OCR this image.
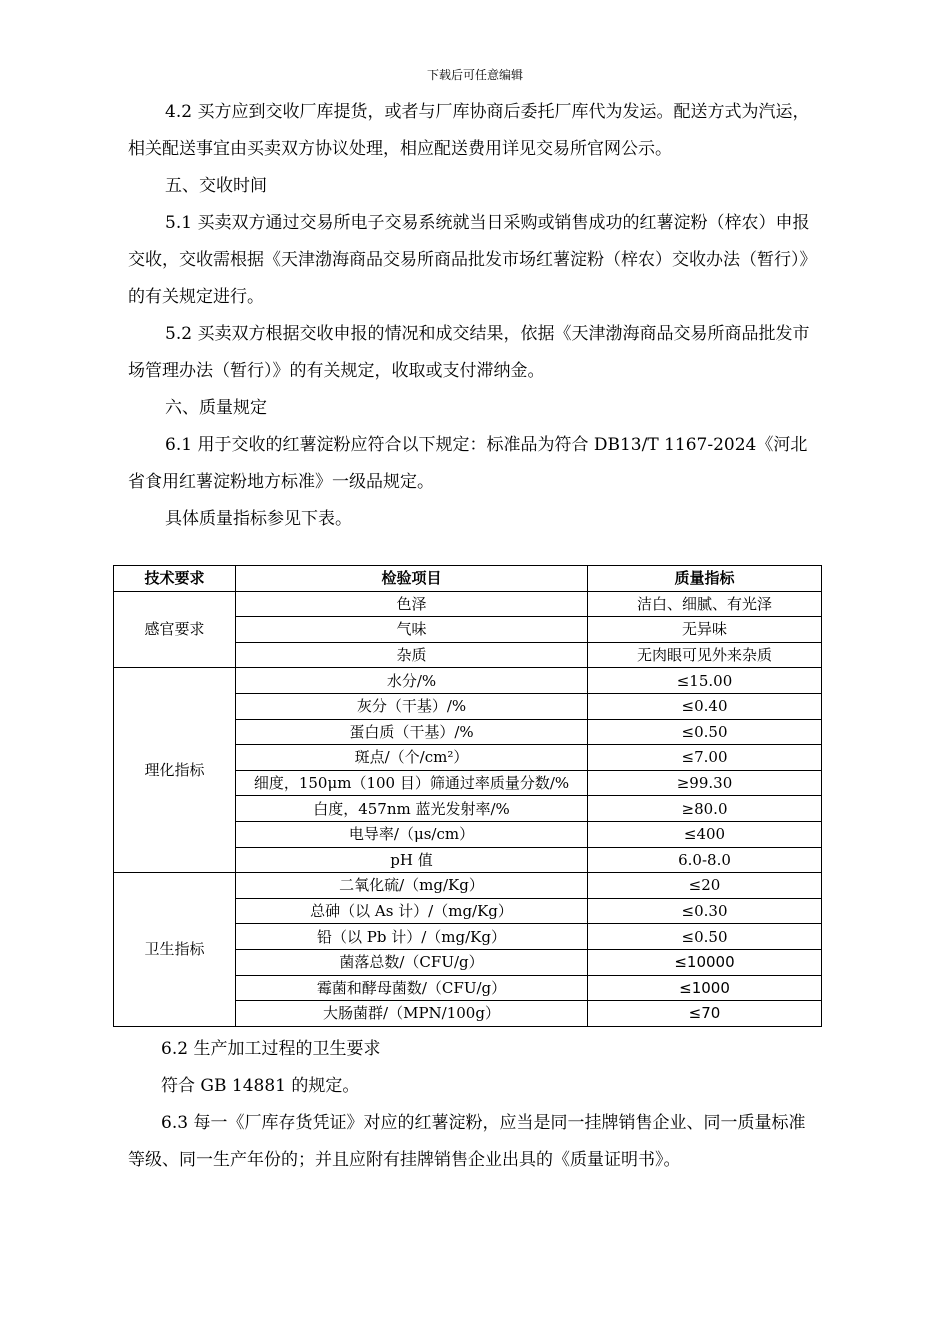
下载后可任意编辑

4.2 买方应到交收厂库提货，或者与厂库协商后委托厂库代为发运。配送方式为汽运，相关配送事宜由买卖双方协议处理，相应配送费用详见交易所官网公示。

五、交收时间

5.1 买卖双方通过交易所电子交易系统就当日采购或销售成功的红薯淀粉（梓农）申报交收，交收需根据《天津渤海商品交易所商品批发市场红薯淀粉（梓农）交收办法（暂行）》的有关规定进行。

5.2 买卖双方根据交收申报的情况和成交结果，依据《天津渤海商品交易所商品批发市场管理办法（暂行）》的有关规定，收取或支付滞纳金。

六、质量规定

6.1 用于交收的红薯淀粉应符合以下规定：标准品为符合 DB13/T 1167-2024《河北省食用红薯淀粉地方标准》一级品规定。

具体质量指标参见下表。

技术要求	检验项目	质量指标
感官要求	色泽	洁白、细腻、有光泽
	气味	无异味
	杂质	无肉眼可见外来杂质
理化指标	水分/%	≤15.00
	灰分（干基）/%	≤0.40
	蛋白质（干基）/%	≤0.50
	斑点/（个/cm²）	≤7.00
	细度，150μm（100 目）筛通过率质量分数/%	≥99.30
	白度，457nm 蓝光发射率/%	≥80.0
	电导率/（μs/cm）	≤400
	pH 值	6.0-8.0
卫生指标	二氧化硫/（mg/Kg）	≤20
	总砷（以 As 计）/（mg/Kg）	≤0.30
	铅（以 Pb 计）/（mg/Kg）	≤0.50
	菌落总数/（CFU/g）	≤10000
	霉菌和酵母菌数/（CFU/g）	≤1000
	大肠菌群/（MPN/100g）	≤70

6.2 生产加工过程的卫生要求

符合 GB 14881 的规定。

6.3 每一《厂库存货凭证》对应的红薯淀粉，应当是同一挂牌销售企业、同一质量标准等级、同一生产年份的；并且应附有挂牌销售企业出具的《质量证明书》。
